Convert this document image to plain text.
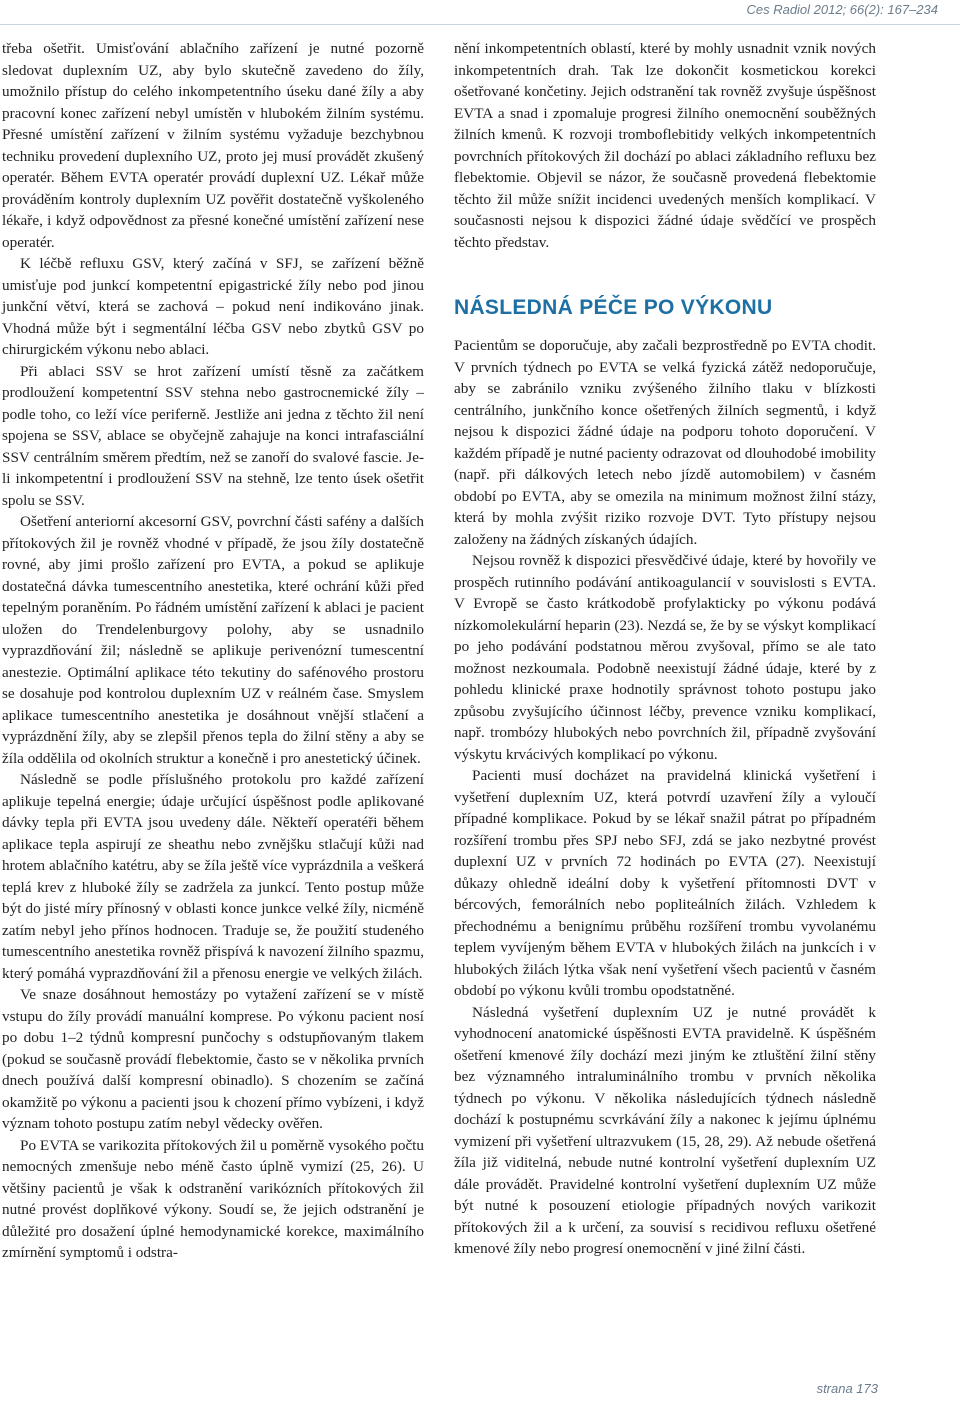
Ces Radiol 2012; 66(2): 167–234

třeba ošetřit. Umisťování ablačního zařízení je nutné pozorně sledovat duplexním UZ, aby bylo skutečně zavedeno do žíly, umožnilo přístup do celého inkompetentního úseku dané žíly a aby pracovní konec zařízení nebyl umístěn v hlubokém žilním systému. Přesné umístění zařízení v žilním systému vyžaduje bezchybnou techniku provedení duplexního UZ, proto jej musí provádět zkušený operatér. Během EVTA operatér provádí duplexní UZ. Lékař může prováděním kontroly duplexním UZ pověřit dostatečně vyškoleného lékaře, i když odpovědnost za přesné konečné umístění zařízení nese operatér.

K léčbě refluxu GSV, který začíná v SFJ, se zařízení běžně umisťuje pod junkcí kompetentní epigastrické žíly nebo pod jinou junkční větví, která se zachová – pokud není indikováno jinak. Vhodná může být i segmentální léčba GSV nebo zbytků GSV po chirurgickém výkonu nebo ablaci.

Při ablaci SSV se hrot zařízení umístí těsně za začátkem prodloužení kompetentní SSV stehna nebo gastrocnemické žíly – podle toho, co leží více periferně. Jestliže ani jedna z těchto žil není spojena se SSV, ablace se obyčejně zahajuje na konci intrafasciální SSV centrálním směrem předtím, než se zanoří do svalové fascie. Je-li inkompetentní i prodloužení SSV na stehně, lze tento úsek ošetřit spolu se SSV.

Ošetření anteriorní akcesorní GSV, povrchní části safény a dalších přítokových žil je rovněž vhodné v případě, že jsou žíly dostatečně rovné, aby jimi prošlo zařízení pro EVTA, a pokud se aplikuje dostatečná dávka tumescentního anestetika, které ochrání kůži před tepelným poraněním. Po řádném umístění zařízení k ablaci je pacient uložen do Trendelenburgovy polohy, aby se usnadnilo vyprazdňování žil; následně se aplikuje perivenózní tumescentní anestezie. Optimální aplikace této tekutiny do safénového prostoru se dosahuje pod kontrolou duplexním UZ v reálném čase. Smyslem aplikace tumescentního anestetika je dosáhnout vnější stlačení a vyprázdnění žíly, aby se zlepšil přenos tepla do žilní stěny a aby se žíla oddělila od okolních struktur a konečně i pro anestetický účinek.

Následně se podle příslušného protokolu pro každé zařízení aplikuje tepelná energie; údaje určující úspěšnost podle aplikované dávky tepla při EVTA jsou uvedeny dále. Někteří operatéři během aplikace tepla aspirují ze sheathu nebo zvnějšku stlačují kůži nad hrotem ablačního katétru, aby se žíla ještě více vyprázdnila a veškerá teplá krev z hluboké žíly se zadržela za junkcí. Tento postup může být do jisté míry přínosný v oblasti konce junkce velké žíly, nicméně zatím nebyl jeho přínos hodnocen. Traduje se, že použití studeného tumescentního anestetika rovněž přispívá k navození žilního spazmu, který pomáhá vyprazdňování žil a přenosu energie ve velkých žilách.

Ve snaze dosáhnout hemostázy po vytažení zařízení se v místě vstupu do žíly provádí manuální komprese. Po výkonu pacient nosí po dobu 1–2 týdnů kompresní punčochy s odstupňovaným tlakem (pokud se současně provádí flebektomie, často se v několika prvních dnech používá další kompresní obinadlo). S chozením se začíná okamžitě po výkonu a pacienti jsou k chození přímo vybízeni, i když význam tohoto postupu zatím nebyl vědecky ověřen.

Po EVTA se varikozita přítokových žil u poměrně vysokého počtu nemocných zmenšuje nebo méně často úplně vymizí (25, 26). U většiny pacientů je však k odstranění varikózních přítokových žil nutné provést doplňkové výkony. Soudí se, že jejich odstranění je důležité pro dosažení úplné hemodynamické korekce, maximálního zmírnění symptomů i odstra-

nění inkompetentních oblastí, které by mohly usnadnit vznik nových inkompetentních drah. Tak lze dokončit kosmetickou korekci ošetřované končetiny. Jejich odstranění tak rovněž zvyšuje úspěšnost EVTA a snad i zpomaluje progresi žilního onemocnění souběžných žilních kmenů. K rozvoji tromboflebitidy velkých inkompetentních povrchních přítokových žil dochází po ablaci základního refluxu bez flebektomie. Objevil se názor, že současně provedená flebektomie těchto žil může snížit incidenci uvedených menších komplikací. V současnosti nejsou k dispozici žádné údaje svědčící ve prospěch těchto představ.

NÁSLEDNÁ PÉČE PO VÝKONU

Pacientům se doporučuje, aby začali bezprostředně po EVTA chodit. V prvních týdnech po EVTA se velká fyzická zátěž nedoporučuje, aby se zabránilo vzniku zvýšeného žilního tlaku v blízkosti centrálního, junkčního konce ošetřených žilních segmentů, i když nejsou k dispozici žádné údaje na podporu tohoto doporučení. V každém případě je nutné pacienty odrazovat od dlouhodobé imobility (např. při dálkových letech nebo jízdě automobilem) v časném období po EVTA, aby se omezila na minimum možnost žilní stázy, která by mohla zvýšit riziko rozvoje DVT. Tyto přístupy nejsou založeny na žádných získaných údajích.

Nejsou rovněž k dispozici přesvědčivé údaje, které by hovořily ve prospěch rutinního podávání antikoagulancií v souvislosti s EVTA. V Evropě se často krátkodobě profylakticky po výkonu podává nízkomolekulární heparin (23). Nezdá se, že by se výskyt komplikací po jeho podávání podstatnou měrou zvyšoval, přímo se ale tato možnost nezkoumala. Podobně neexistují žádné údaje, které by z pohledu klinické praxe hodnotily správnost tohoto postupu jako způsobu zvyšujícího účinnost léčby, prevence vzniku komplikací, např. trombózy hlubokých nebo povrchních žil, případně zvyšování výskytu krvácivých komplikací po výkonu.

Pacienti musí docházet na pravidelná klinická vyšetření i vyšetření duplexním UZ, která potvrdí uzavření žíly a vyloučí případné komplikace. Pokud by se lékař snažil pátrat po případném rozšíření trombu přes SPJ nebo SFJ, zdá se jako nezbytné provést duplexní UZ v prvních 72 hodinách po EVTA (27). Neexistují důkazy ohledně ideální doby k vyšetření přítomnosti DVT v bércových, femorálních nebo popliteálních žilách. Vzhledem k přechodnému a benignímu průběhu rozšíření trombu vyvolanému teplem vyvíjeným během EVTA v hlubokých žilách na junkcích i v hlubokých žilách lýtka však není vyšetření všech pacientů v časném období po výkonu kvůli trombu opodstatněné.

Následná vyšetření duplexním UZ je nutné provádět k vyhodnocení anatomické úspěšnosti EVTA pravidelně. K úspěšném ošetření kmenové žíly dochází mezi jiným ke ztluštění žilní stěny bez významného intraluminálního trombu v prvních několika týdnech po výkonu. V několika následujících týdnech následně dochází k postupnému scvrkávání žíly a nakonec k jejímu úplnému vymizení při vyšetření ultrazvukem (15, 28, 29). Až nebude ošetřená žíla již viditelná, nebude nutné kontrolní vyšetření duplexním UZ dále provádět. Pravidelné kontrolní vyšetření duplexním UZ může být nutné k posouzení etiologie případných nových varikozit přítokových žil a k určení, za souvisí s recidivou refluxu ošetřené kmenové žíly nebo progresí onemocnění v jiné žilní části.

strana 173
